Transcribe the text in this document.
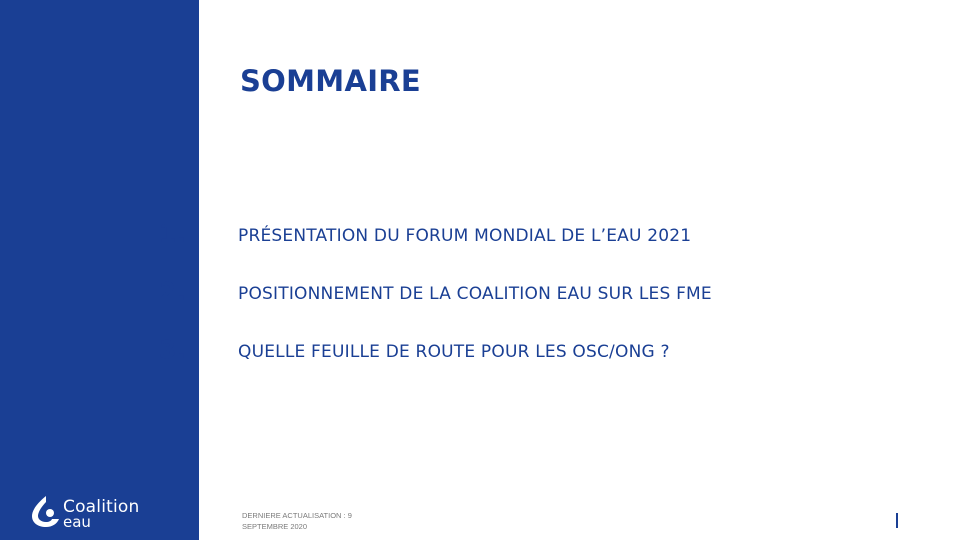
Coalition
eau
SOMMAIRE
1.	PRÉSENTATION DU FORUM MONDIAL DE L’EAU 2021
2.	POSITIONNEMENT DE LA COALITION EAU SUR LES FME
3.	QUELLE FEUILLE DE ROUTE POUR LES OSC/ONG ?
DERNIERE ACTUALISATION : 9
SEPTEMBRE 2020
